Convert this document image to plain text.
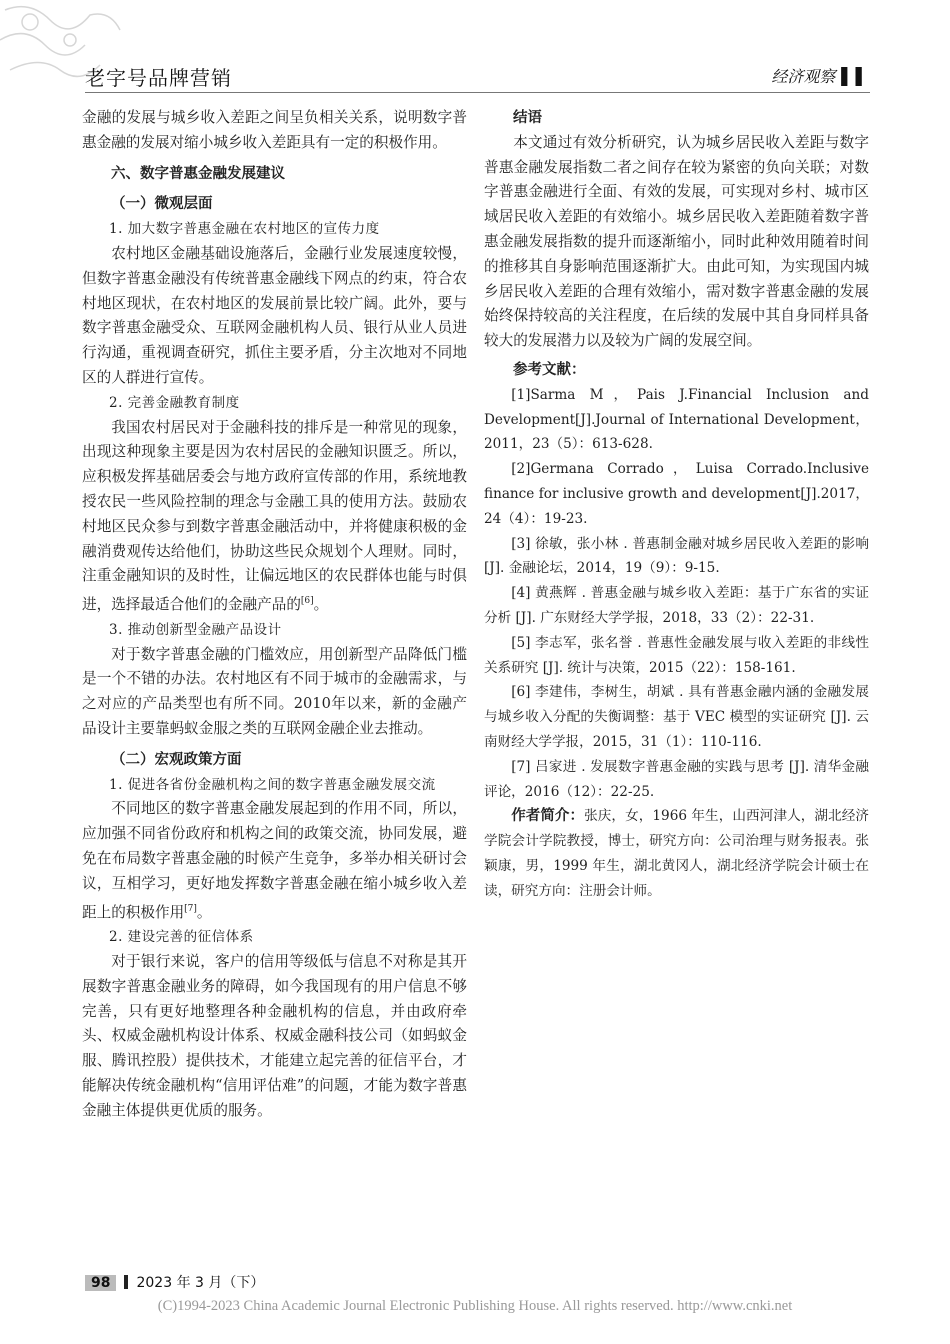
老字号品牌营销	经济观察 ▌▌

金融的发展与城乡收入差距之间呈负相关关系，说明数字普惠金融的发展对缩小城乡收入差距具有一定的积极作用。

六、数字普惠金融发展建议

（一）微观层面

1. 加大数字普惠金融在农村地区的宣传力度

农村地区金融基础设施落后，金融行业发展速度较慢，但数字普惠金融没有传统普惠金融线下网点的约束，符合农村地区现状，在农村地区的发展前景比较广阔。此外，要与数字普惠金融受众、互联网金融机构人员、银行从业人员进行沟通，重视调查研究，抓住主要矛盾，分主次地对不同地区的人群进行宣传。

2. 完善金融教育制度

我国农村居民对于金融科技的排斥是一种常见的现象，出现这种现象主要是因为农村居民的金融知识匮乏。所以，应积极发挥基础居委会与地方政府宣传部的作用，系统地教授农民一些风险控制的理念与金融工具的使用方法。鼓励农村地区民众参与到数字普惠金融活动中，并将健康积极的金融消费观传达给他们，协助这些民众规划个人理财。同时，注重金融知识的及时性，让偏远地区的农民群体也能与时俱进，选择最适合他们的金融产品的[6]。

3. 推动创新型金融产品设计

对于数字普惠金融的门槛效应，用创新型产品降低门槛是一个不错的办法。农村地区有不同于城市的金融需求，与之对应的产品类型也有所不同。2010年以来，新的金融产品设计主要靠蚂蚁金服之类的互联网金融企业去推动。

（二）宏观政策方面

1. 促进各省份金融机构之间的数字普惠金融发展交流

不同地区的数字普惠金融发展起到的作用不同，所以，应加强不同省份政府和机构之间的政策交流，协同发展，避免在布局数字普惠金融的时候产生竞争，多举办相关研讨会议，互相学习，更好地发挥数字普惠金融在缩小城乡收入差距上的积极作用[7]。

2. 建设完善的征信体系

对于银行来说，客户的信用等级低与信息不对称是其开展数字普惠金融业务的障碍，如今我国现有的用户信息不够完善，只有更好地整理各种金融机构的信息，并由政府牵头、权威金融机构设计体系、权威金融科技公司（如蚂蚁金服、腾讯控股）提供技术，才能建立起完善的征信平台，才能解决传统金融机构“信用评估难”的问题，才能为数字普惠金融主体提供更优质的服务。

结语

本文通过有效分析研究，认为城乡居民收入差距与数字普惠金融发展指数二者之间存在较为紧密的负向关联；对数字普惠金融进行全面、有效的发展，可实现对乡村、城市区域居民收入差距的有效缩小。城乡居民收入差距随着数字普惠金融发展指数的提升而逐渐缩小，同时此种效用随着时间的推移其自身影响范围逐渐扩大。由此可知，为实现国内城乡居民收入差距的合理有效缩小，需对数字普惠金融的发展始终保持较高的关注程度，在后续的发展中其自身同样具备较大的发展潜力以及较为广阔的发展空间。

参考文献：

[1]Sarma M，Pais J.Financial Inclusion and Development[J].Journal of International Development，2011，23（5）：613-628.

[2]Germana Corrado，Luisa Corrado.Inclusive finance for inclusive growth and development[J].2017，24（4）：19-23.

[3] 徐敏，张小林 . 普惠制金融对城乡居民收入差距的影响 [J]. 金融论坛，2014，19（9）：9-15.

[4] 黄燕辉 . 普惠金融与城乡收入差距：基于广东省的实证分析 [J]. 广东财经大学学报，2018，33（2）：22-31.

[5] 李志军，张名誉 . 普惠性金融发展与收入差距的非线性关系研究 [J]. 统计与决策，2015（22）：158-161.

[6] 李建伟，李树生，胡斌 . 具有普惠金融内涵的金融发展与城乡收入分配的失衡调整：基于 VEC 模型的实证研究 [J]. 云南财经大学学报，2015，31（1）：110-116.

[7] 吕家进 . 发展数字普惠金融的实践与思考 [J]. 清华金融评论，2016（12）：22-25.

作者简介：张庆，女，1966 年生，山西河津人，湖北经济学院会计学院教授，博士，研究方向：公司治理与财务报表。张颖康，男，1999 年生，湖北黄冈人，湖北经济学院会计硕士在读，研究方向：注册会计师。

98 2023 年 3 月（下）
(C)1994-2023 China Academic Journal Electronic Publishing House. All rights reserved. http://www.cnki.net
